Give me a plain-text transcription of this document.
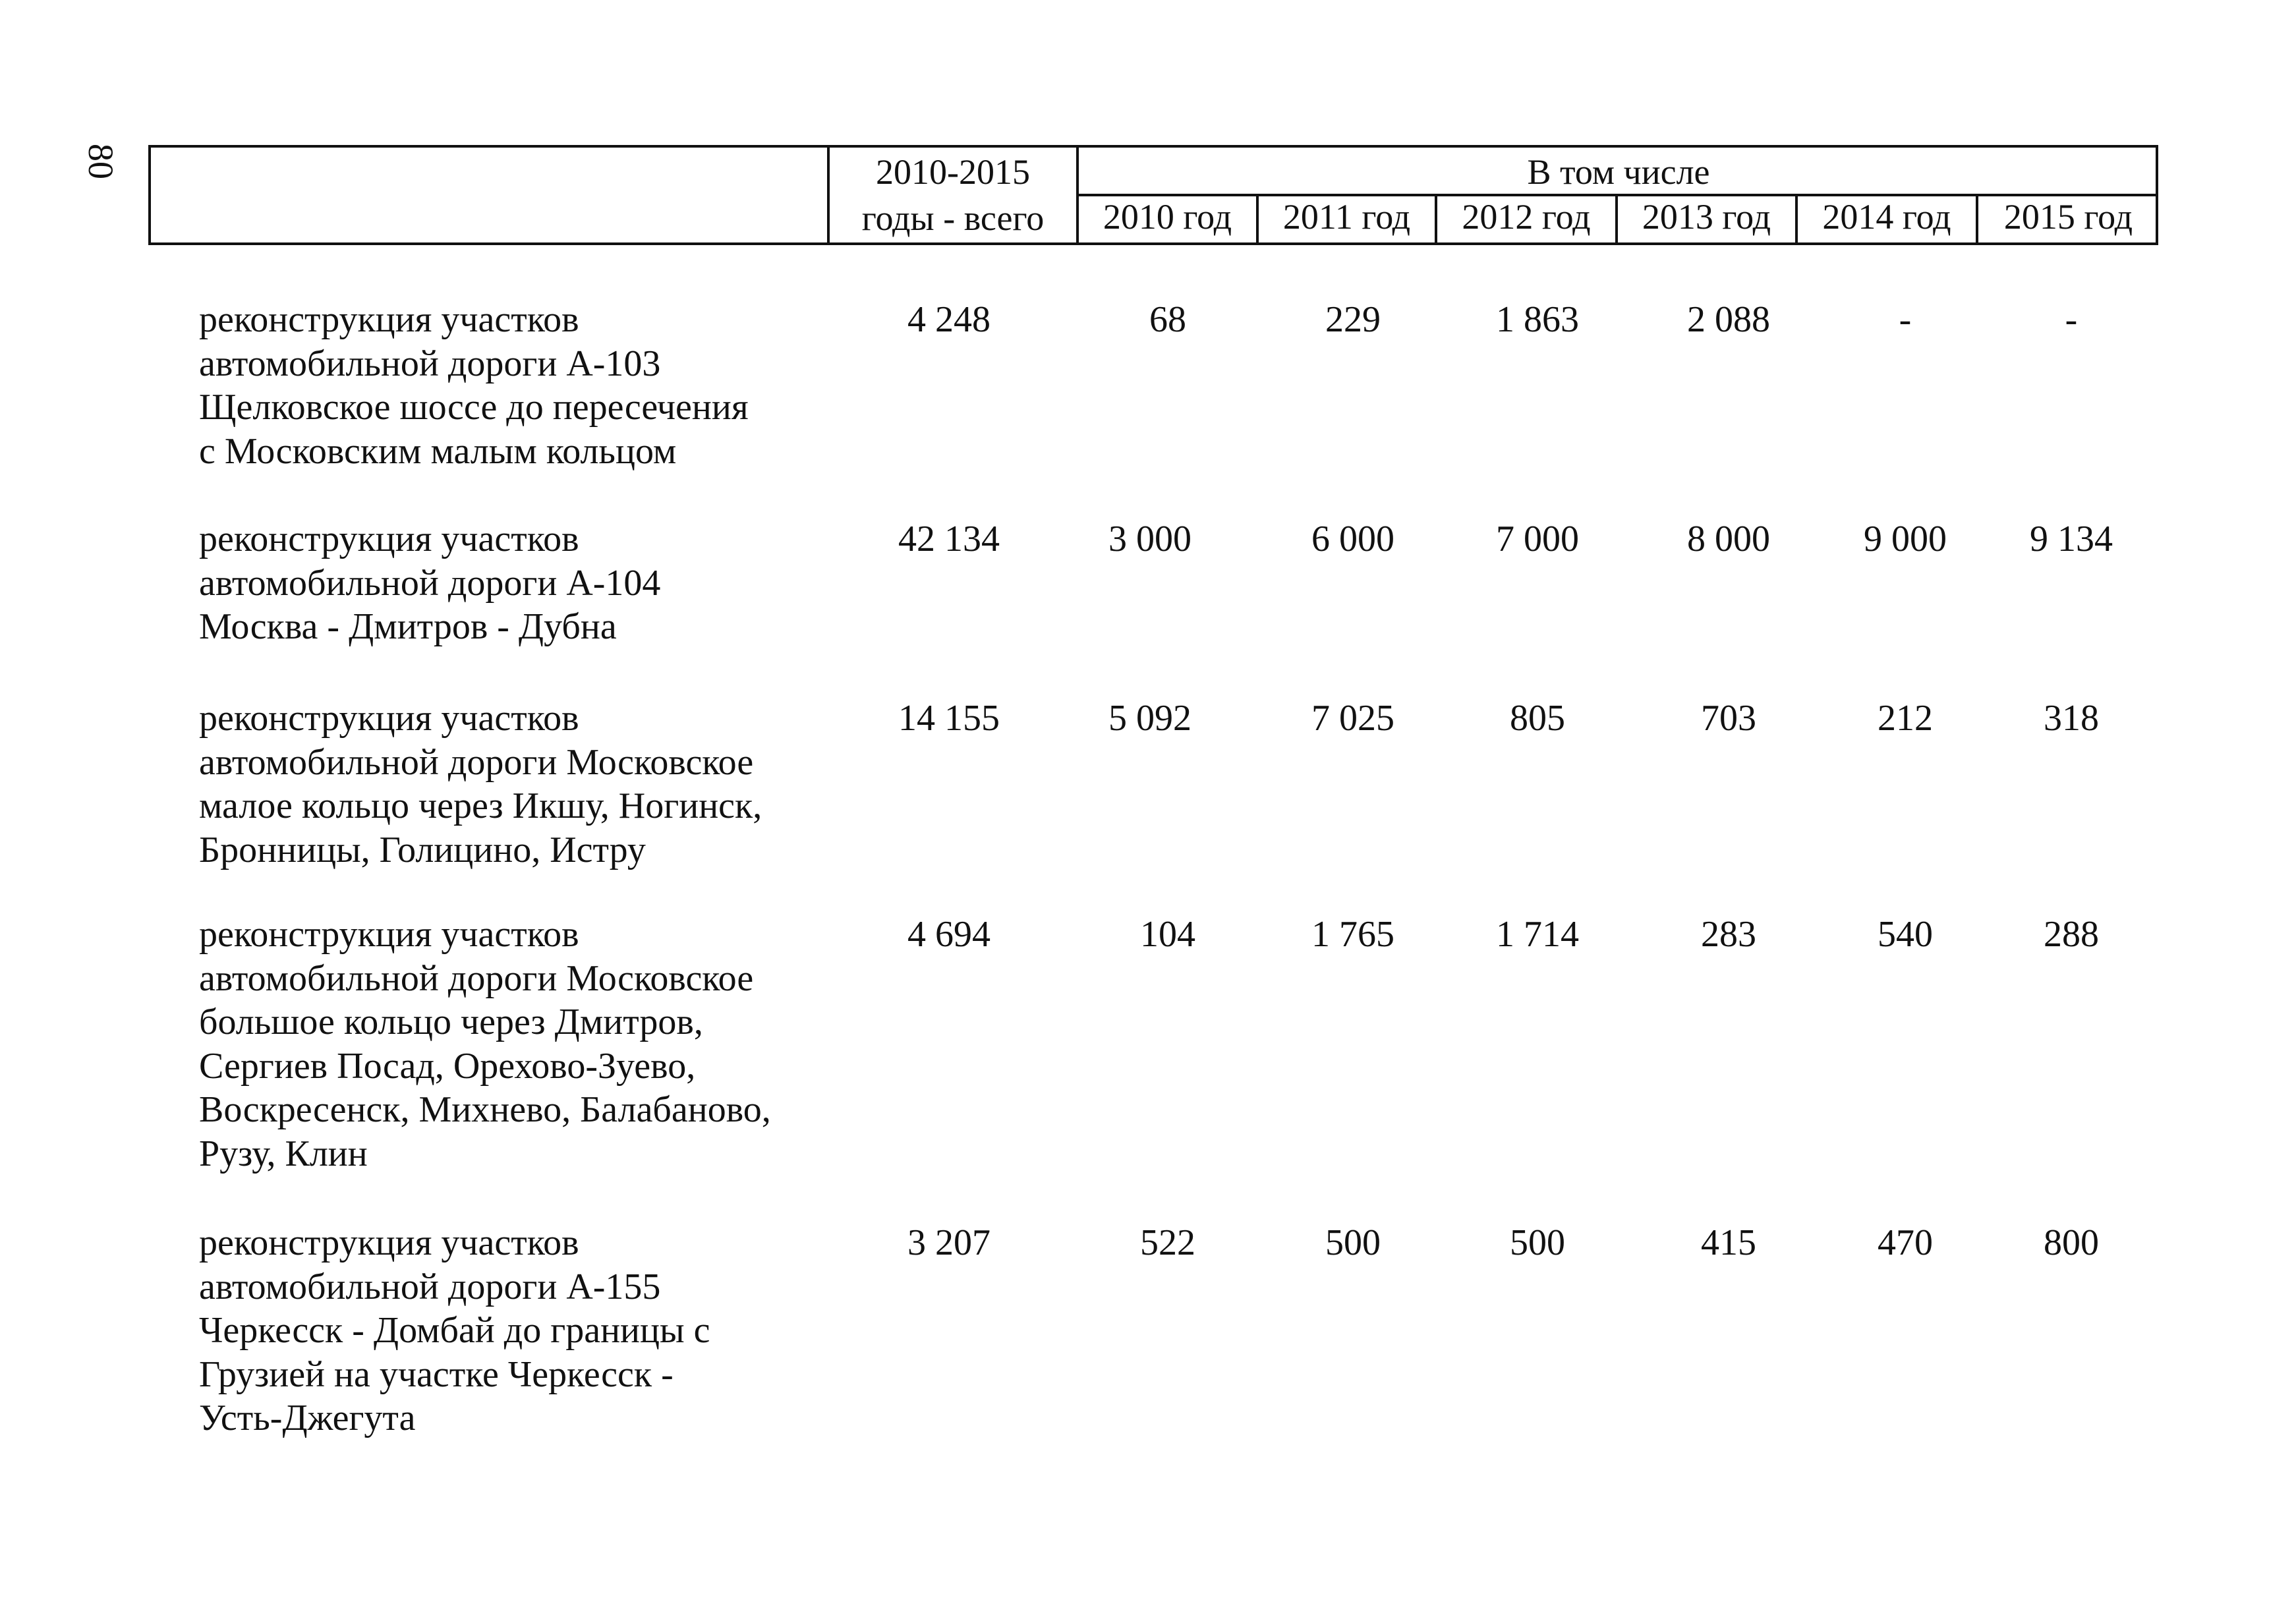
80	2010-2015
годы - всего
В том числе
2010 год	2011 год	2012 год	2013 год	2014 год	2015 год
реконструкция участков
автомобильной дороги А-103
Щелковское шоссе до пересечения
с Московским малым кольцом
4 248	68	229	1 863	2 088	-	-
реконструкция участков
автомобильной дороги А-104
Москва - Дмитров - Дубна
42 134	3 000	6 000	7 000	8 000	9 000	9 134
реконструкция участков
автомобильной дороги Московское
малое кольцо через Икшу, Ногинск,
Бронницы, Голицино, Истру
14 155	5 092	7 025	805	703	212	318
реконструкция участков
автомобильной дороги Московское
большое кольцо через Дмитров,
Сергиев Посад, Орехово-Зуево,
Воскресенск, Михнево, Балабаново,
Рузу, Клин
4 694	104	1 765	1 714	283	540	288
реконструкция участков
автомобильной дороги А-155
Черкесск - Домбай до границы с
Грузией на участке Черкесск -
Усть-Джегута
3 207	522	500	500	415	470	800
